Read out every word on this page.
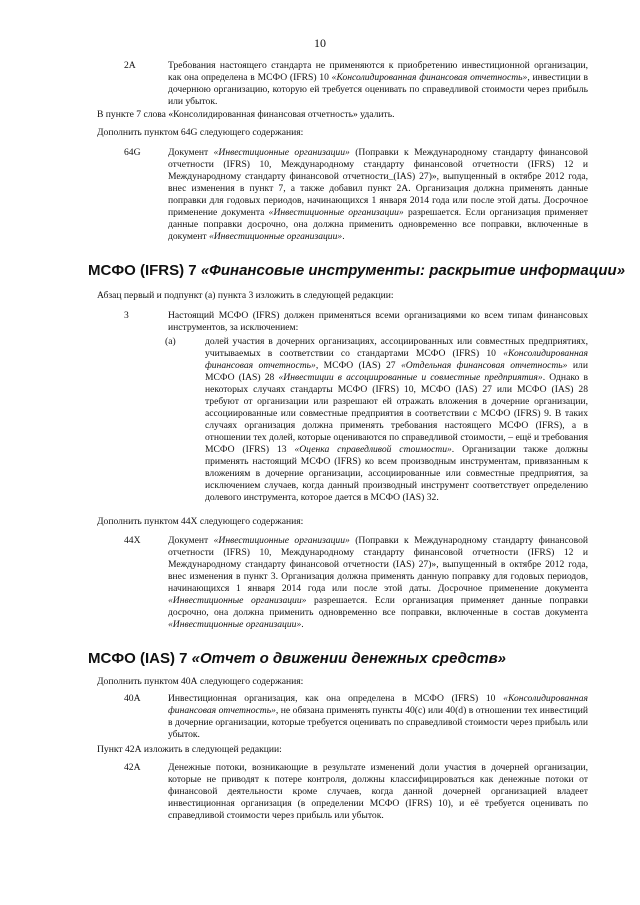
10
2A	Требования настоящего стандарта не применяются к приобретению инвестиционной организации, как она определена в МСФО (IFRS) 10 «Консолидированная финансовая отчетность», инвестиции в дочернюю организацию, которую ей требуется оценивать по справедливой стоимости через прибыль или убыток.
В пункте 7 слова «Консолидированная финансовая отчетность» удалить.
Дополнить пунктом 64G следующего содержания:
64G	Документ «Инвестиционные организации» (Поправки к Международному стандарту финансовой отчетности (IFRS) 10, Международному стандарту финансовой отчетности (IFRS) 12 и Международному стандарту финансовой отчетности_(IAS) 27)», выпущенный в октябре 2012 года, внес изменения в пункт 7, а также добавил пункт 2А. Организация должна применять данные поправки для годовых периодов, начинающихся 1 января 2014 года или после этой даты. Досрочное применение документа «Инвестиционные организации» разрешается. Если организация применяет данные поправки досрочно, она должна применить одновременно все поправки, включенные в документ «Инвестиционные организации».
МСФО (IFRS) 7 «Финансовые инструменты: раскрытие информации»
Абзац первый и подпункт (а) пункта 3 изложить в следующей редакции:
3	Настоящий МСФО (IFRS) должен применяться всеми организациями ко всем типам финансовых инструментов, за исключением:
(а)	долей участия в дочерних организациях, ассоциированных или совместных предприятиях, учитываемых в соответствии со стандартами МСФО (IFRS) 10 «Консолидированная финансовая отчетность», МСФО (IAS) 27 «Отдельная финансовая отчетность» или МСФО (IAS) 28 «Инвестиции в ассоциированные и совместные предприятия». Однако в некоторых случаях стандарты МСФО (IFRS) 10, МСФО (IAS) 27 или МСФО (IAS) 28 требуют от организации или разрешают ей отражать вложения в дочерние организации, ассоциированные или совместные предприятия в соответствии с МСФО (IFRS) 9. В таких случаях организация должна применять требования настоящего МСФО (IFRS), а в отношении тех долей, которые оцениваются по справедливой стоимости, – ещё и требования МСФО (IFRS) 13 «Оценка справедливой стоимости». Организации также должны применять настоящий МСФО (IFRS) ко всем производным инструментам, привязанным к вложениям в дочерние организации, ассоциированные или совместные предприятия, за исключением случаев, когда данный производный инструмент соответствует определению долевого инструмента, которое дается в МСФО (IAS) 32.
Дополнить пунктом 44X следующего содержания:
44X	Документ «Инвестиционные организации» (Поправки к Международному стандарту финансовой отчетности (IFRS) 10, Международному стандарту финансовой отчетности (IFRS) 12 и Международному стандарту финансовой отчетности (IAS) 27)», выпущенный в октябре 2012 года, внес изменения в пункт 3. Организация должна применять данную поправку для годовых периодов, начинающихся 1 января 2014 года или после этой даты. Досрочное применение документа «Инвестиционные организации» разрешается. Если организация применяет данные поправки досрочно, она должна применить одновременно все поправки, включенные в состав документа «Инвестиционные организации».
МСФО (IAS) 7 «Отчет о движении денежных средств»
Дополнить пунктом 40А следующего содержания:
40А	Инвестиционная организация, как она определена в МСФО (IFRS) 10 «Консолидированная финансовая отчетность», не обязана применять пункты 40(с) или 40(d) в отношении тех инвестиций в дочерние организации, которые требуется оценивать по справедливой стоимости через прибыль или убыток.
Пункт 42А изложить в следующей редакции:
42А	Денежные потоки, возникающие в результате изменений доли участия в дочерней организации, которые не приводят к потере контроля, должны классифицироваться как денежные потоки от финансовой деятельности кроме случаев, когда данной дочерней организацией владеет инвестиционная организация (в определении МСФО (IFRS) 10), и её требуется оценивать по справедливой стоимости через прибыль или убыток.
